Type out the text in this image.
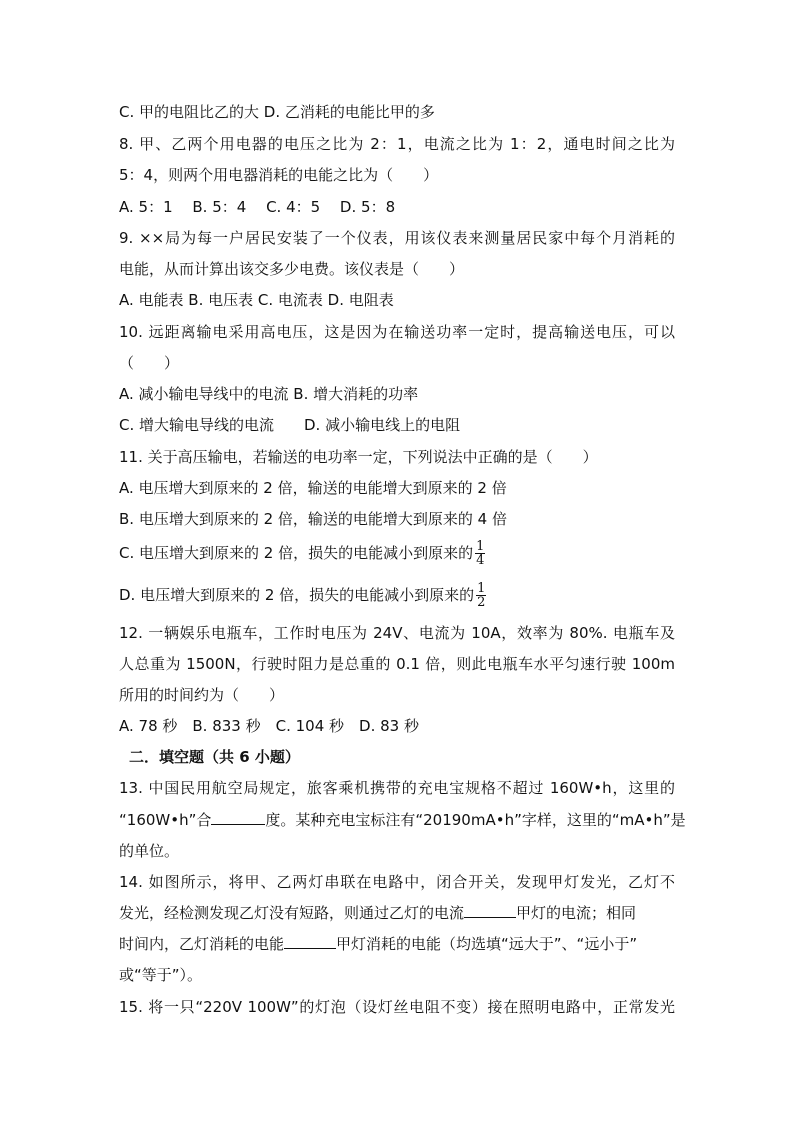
C. 甲的电阻比乙的大 D. 乙消耗的电能比甲的多
8. 甲、乙两个用电器的电压之比为 2：1，电流之比为 1：2，通电时间之比为
5：4，则两个用电器消耗的电能之比为（　　）
A. 5：1　 B. 5：4　 C. 4：5　 D. 5：8
9. ××局为每一户居民安装了一个仪表，用该仪表来测量居民家中每个月消耗的
电能，从而计算出该交多少电费。该仪表是（　　）
A. 电能表 B. 电压表 C. 电流表 D. 电阻表
10. 远距离输电采用高电压，这是因为在输送功率一定时，提高输送电压，可以
（　　）
A. 减小输电导线中的电流 B. 增大消耗的功率
C. 增大输电导线的电流　　D. 减小输电线上的电阻
11. 关于高压输电，若输送的电功率一定，下列说法中正确的是（　　）
A. 电压增大到原来的 2 倍，输送的电能增大到原来的 2 倍
B. 电压增大到原来的 2 倍，输送的电能增大到原来的 4 倍
C. 电压增大到原来的 2 倍，损失的电能减小到原来的 $\frac{1}{4}$
D. 电压增大到原来的 2 倍，损失的电能减小到原来的 $\frac{1}{2}$
12. 一辆娱乐电瓶车，工作时电压为 24V、电流为 10A，效率为 80%. 电瓶车及
人总重为 1500N，行驶时阻力是总重的 0.1 倍，则此电瓶车水平匀速行驶 100m
所用的时间约为（　　）
A. 78 秒　B. 833 秒　C. 104 秒　D. 83 秒
二．填空题（共 6 小题）
13. 中国民用航空局规定，旅客乘机携带的充电宝规格不超过 160W•h，这里的
“160W•h”合	度。某种充电宝标注有“20190mA•h”字样，这里的“mA•h”是
的单位。
14. 如图所示，将甲、乙两灯串联在电路中，闭合开关，发现甲灯发光，乙灯不
发光，经检测发现乙灯没有短路，则通过乙灯的电流	甲灯的电流；相同
时间内，乙灯消耗的电能	甲灯消耗的电能（均选填“远大于”、“远小于”
或“等于”）。
15. 将一只“220V 100W”的灯泡（设灯丝电阻不变）接在照明电路中，正常发光
